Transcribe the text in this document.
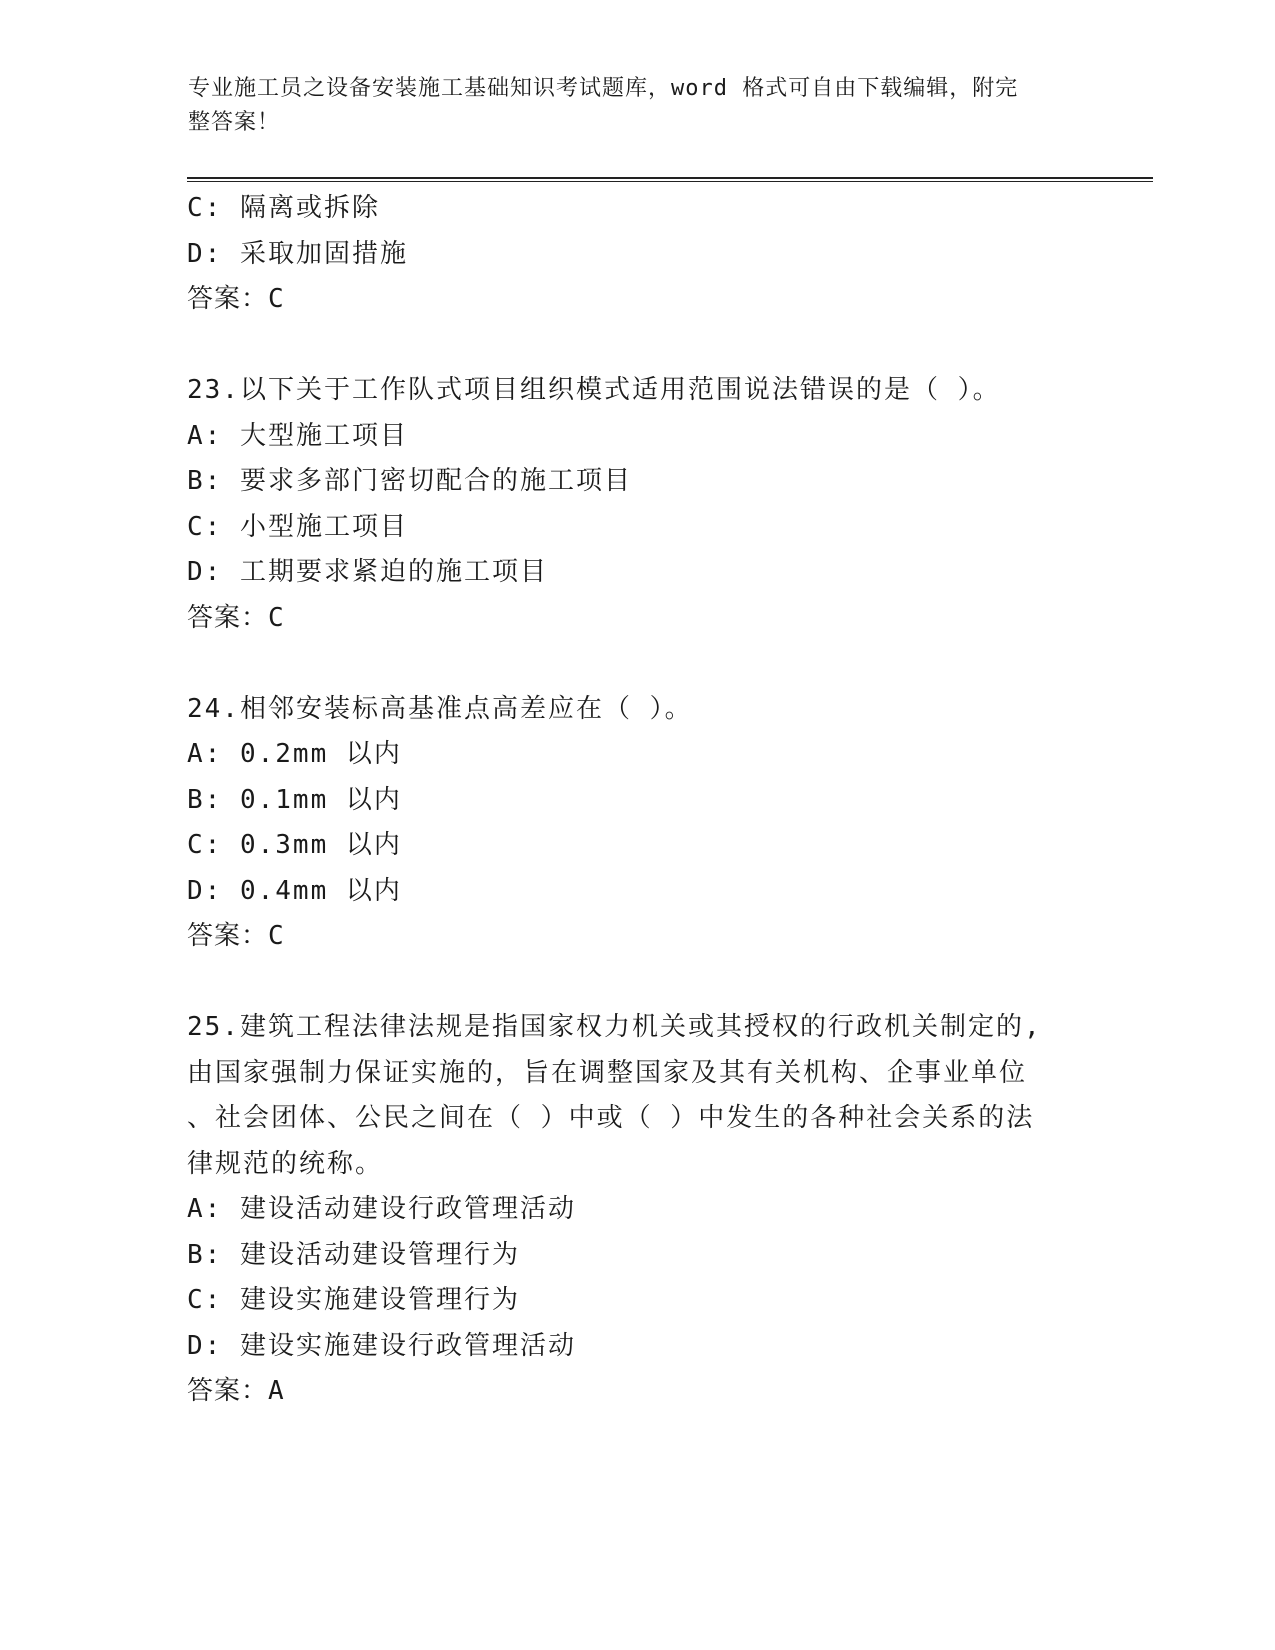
专业施工员之设备安装施工基础知识考试题库，word 格式可自由下载编辑，附完
整答案！
C: 隔离或拆除
D: 采取加固措施
答案：C
23.以下关于工作队式项目组织模式适用范围说法错误的是（ ）。
A: 大型施工项目
B: 要求多部门密切配合的施工项目
C: 小型施工项目
D: 工期要求紧迫的施工项目
答案：C
24.相邻安装标高基准点高差应在（ ）。
A: 0.2mm 以内
B: 0.1mm 以内
C: 0.3mm 以内
D: 0.4mm 以内
答案：C
25.建筑工程法律法规是指国家权力机关或其授权的行政机关制定的,
由国家强制力保证实施的，旨在调整国家及其有关机构、企事业单位
、社会团体、公民之间在（ ）中或（ ）中发生的各种社会关系的法
律规范的统称。
A: 建设活动建设行政管理活动
B: 建设活动建设管理行为
C: 建设实施建设管理行为
D: 建设实施建设行政管理活动
答案：A
